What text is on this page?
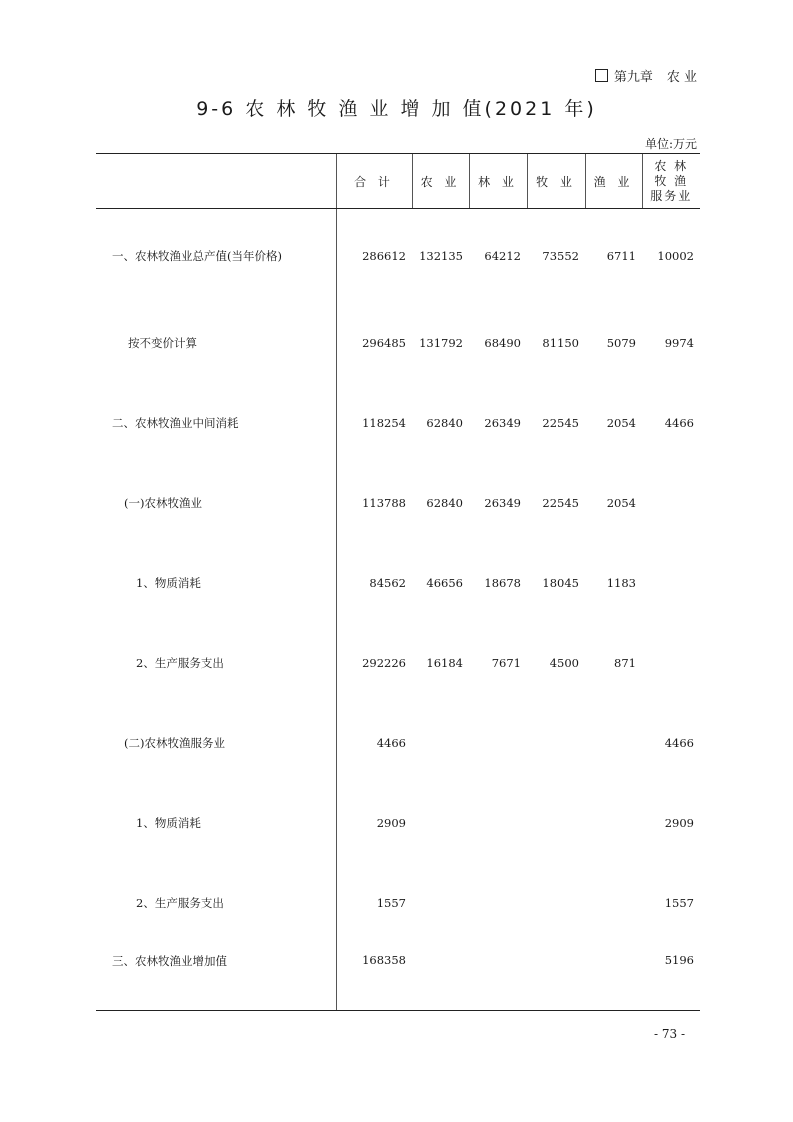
第九章 农 业
9-6 农 林 牧 渔 业 增 加 值(2021 年)
单位:万元
	合 计	农 业	林 业	牧 业	渔 业	农 林
牧 渔
服务业

一、农林牧渔业总产值(当年价格)	286612	132135	64212	73552	6711	10002
按不变价计算	296485	131792	68490	81150	5079	9974
二、农林牧渔业中间消耗	118254	62840	26349	22545	2054	4466
(一)农林牧渔业	113788	62840	26349	22545	2054	
1、物质消耗	84562	46656	18678	18045	1183	
2、生产服务支出	292226	16184	7671	4500	871	
(二)农林牧渔服务业	4466					4466
1、物质消耗	2909					2909
2、生产服务支出	1557					1557
三、农林牧渔业增加值	168358					5196
- 73 -
